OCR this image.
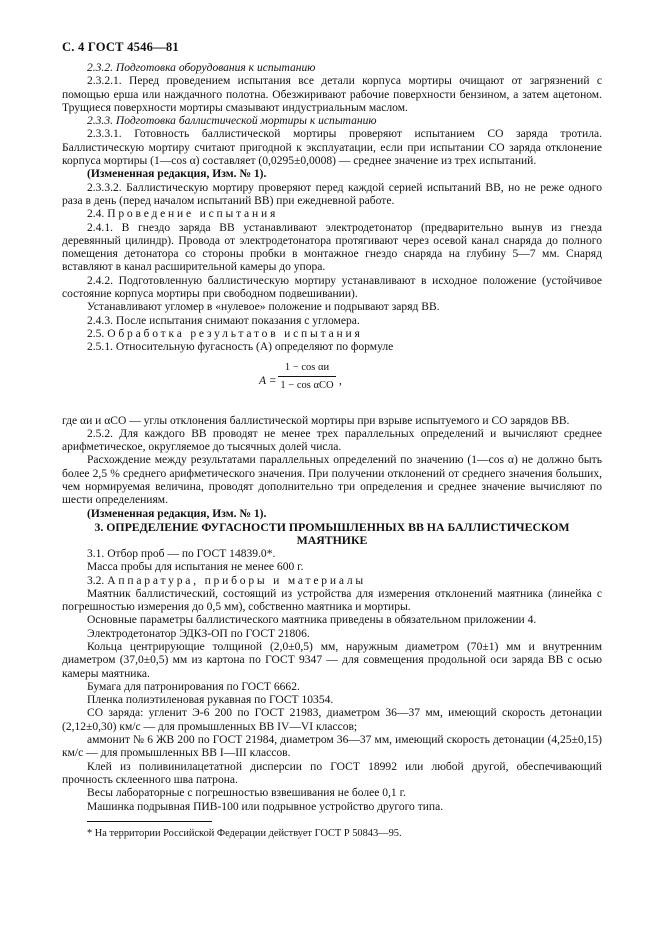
С. 4 ГОСТ 4546—81

2.3.2. Подготовка оборудования к испытанию

2.3.2.1. Перед проведением испытания все детали корпуса мортиры очищают от загрязнений с помощью ерша или наждачного полотна. Обезжиривают рабочие поверхности бензином, а затем ацетоном. Трущиеся поверхности мортиры смазывают индустриальным маслом.

2.3.3. Подготовка баллистической мортиры к испытанию

2.3.3.1. Готовность баллистической мортиры проверяют испытанием СО заряда тротила. Баллистическую мортиру считают пригодной к эксплуатации, если при испытании СО заряда отклонение корпуса мортиры (1—cos α) составляет (0,0295±0,0008) — среднее значение из трех испытаний.

(Измененная редакция, Изм. № 1).

2.3.3.2. Баллистическую мортиру проверяют перед каждой серией испытаний ВВ, но не реже одного раза в день (перед началом испытаний ВВ) при ежедневной работе.

2.4. Проведение испытания

2.4.1. В гнездо заряда ВВ устанавливают электродетонатор (предварительно вынув из гнезда деревянный цилиндр). Провода от электродетонатора протягивают через осевой канал снаряда до полного помещения детонатора со стороны пробки в монтажное гнездо снаряда на глубину 5—7 мм. Снаряд вставляют в канал расширительной камеры до упора.

2.4.2. Подготовленную баллистическую мортиру устанавливают в исходное положение (устойчивое состояние корпуса мортиры при свободном подвешивании).

Устанавливают угломер в «нулевое» положение и подрывают заряд ВВ.

2.4.3. После испытания снимают показания с угломера.

2.5. Обработка результатов испытания

2.5.1. Относительную фугасность (A) определяют по формуле

A =
1 − cos αи
1 − cos αCO ,

где αи и αCO — углы отклонения баллистической мортиры при взрыве испытуемого и СО зарядов ВВ.

2.5.2. Для каждого ВВ проводят не менее трех параллельных определений и вычисляют среднее арифметическое, округляемое до тысячных долей числа.

Расхождение между результатами параллельных определений по значению (1—cos α) не должно быть более 2,5 % среднего арифметического значения. При получении отклонений от среднего значения больших, чем нормируемая величина, проводят дополнительно три определения и среднее значение вычисляют по шести определениям.

(Измененная редакция, Изм. № 1).

3. ОПРЕДЕЛЕНИЕ ФУГАСНОСТИ ПРОМЫШЛЕННЫХ ВВ НА БАЛЛИСТИЧЕСКОМ МАЯТНИКЕ

3.1. Отбор проб — по ГОСТ 14839.0*.

Масса пробы для испытания не менее 600 г.

3.2. Аппаратура, приборы и материалы

Маятник баллистический, состоящий из устройства для измерения отклонений маятника (линейка с погрешностью измерения до 0,5 мм), собственно маятника и мортиры.

Основные параметры баллистического маятника приведены в обязательном приложении 4.

Электродетонатор ЭДКЗ-ОП по ГОСТ 21806.

Кольца центрирующие толщиной (2,0±0,5) мм, наружным диаметром (70±1) мм и внутренним диаметром (37,0±0,5) мм из картона по ГОСТ 9347 — для совмещения продольной оси заряда ВВ с осью камеры маятника.

Бумага для патронирования по ГОСТ 6662.

Пленка полиэтиленовая рукавная по ГОСТ 10354.

СО заряда: углeнит Э-6 200 по ГОСТ 21983, диаметром 36—37 мм, имеющий скорость детонации (2,12±0,30) км/с — для промышленных ВВ IV—VI классов;

аммонит № 6 ЖВ 200 по ГОСТ 21984, диаметром 36—37 мм, имеющий скорость детонации (4,25±0,15) км/с — для промышленных ВВ I—III классов.

Клей из поливинилацетатной дисперсии по ГОСТ 18992 или любой другой, обеспечивающий прочность склеенного шва патрона.

Весы лабораторные с погрешностью взвешивания не более 0,1 г.

Машинка подрывная ПИВ-100 или подрывное устройство другого типа.

* На территории Российской Федерации действует ГОСТ Р 50843—95.
